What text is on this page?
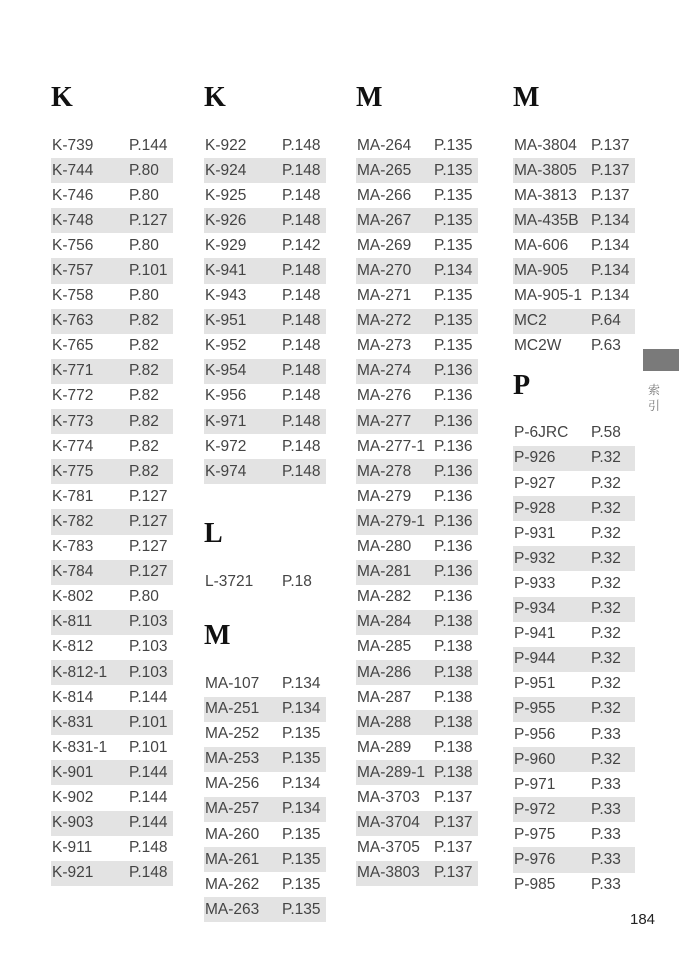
K
K-739	P.144
K-744	P.80
K-746	P.80
K-748	P.127
K-756	P.80
K-757	P.101
K-758	P.80
K-763	P.82
K-765	P.82
K-771	P.82
K-772	P.82
K-773	P.82
K-774	P.82
K-775	P.82
K-781	P.127
K-782	P.127
K-783	P.127
K-784	P.127
K-802	P.80
K-811	P.103
K-812	P.103
K-812-1	P.103
K-814	P.144
K-831	P.101
K-831-1	P.101
K-901	P.144
K-902	P.144
K-903	P.144
K-911	P.148
K-921	P.148
K
K-922	P.148
K-924	P.148
K-925	P.148
K-926	P.148
K-929	P.142
K-941	P.148
K-943	P.148
K-951	P.148
K-952	P.148
K-954	P.148
K-956	P.148
K-971	P.148
K-972	P.148
K-974	P.148
L
L-3721	P.18
M
MA-107	P.134
MA-251	P.134
MA-252	P.135
MA-253	P.135
MA-256	P.134
MA-257	P.134
MA-260	P.135
MA-261	P.135
MA-262	P.135
MA-263	P.135
M
MA-264	P.135
MA-265	P.135
MA-266	P.135
MA-267	P.135
MA-269	P.135
MA-270	P.134
MA-271	P.135
MA-272	P.135
MA-273	P.135
MA-274	P.136
MA-276	P.136
MA-277	P.136
MA-277-1 P.136
MA-278	P.136
MA-279	P.136
MA-279-1 P.136
MA-280	P.136
MA-281	P.136
MA-282	P.136
MA-284	P.138
MA-285	P.138
MA-286	P.138
MA-287	P.138
MA-288	P.138
MA-289	P.138
MA-289-1 P.138
MA-3703 P.137
MA-3704 P.137
MA-3705 P.137
MA-3803 P.137
M
MA-3804 P.137
MA-3805 P.137
MA-3813 P.137
MA-435B P.134
MA-606	P.134
MA-905	P.134
MA-905-1 P.134
MC2	P.64
MC2W	P.63
P
P-6JRC	P.58
P-926	P.32
P-927	P.32
P-928	P.32
P-931	P.32
P-932	P.32
P-933	P.32
P-934	P.32
P-941	P.32
P-944	P.32
P-951	P.32
P-955	P.32
P-956	P.33
P-960	P.32
P-971	P.33
P-972	P.33
P-975	P.33
P-976	P.33
P-985	P.33
索引
184
